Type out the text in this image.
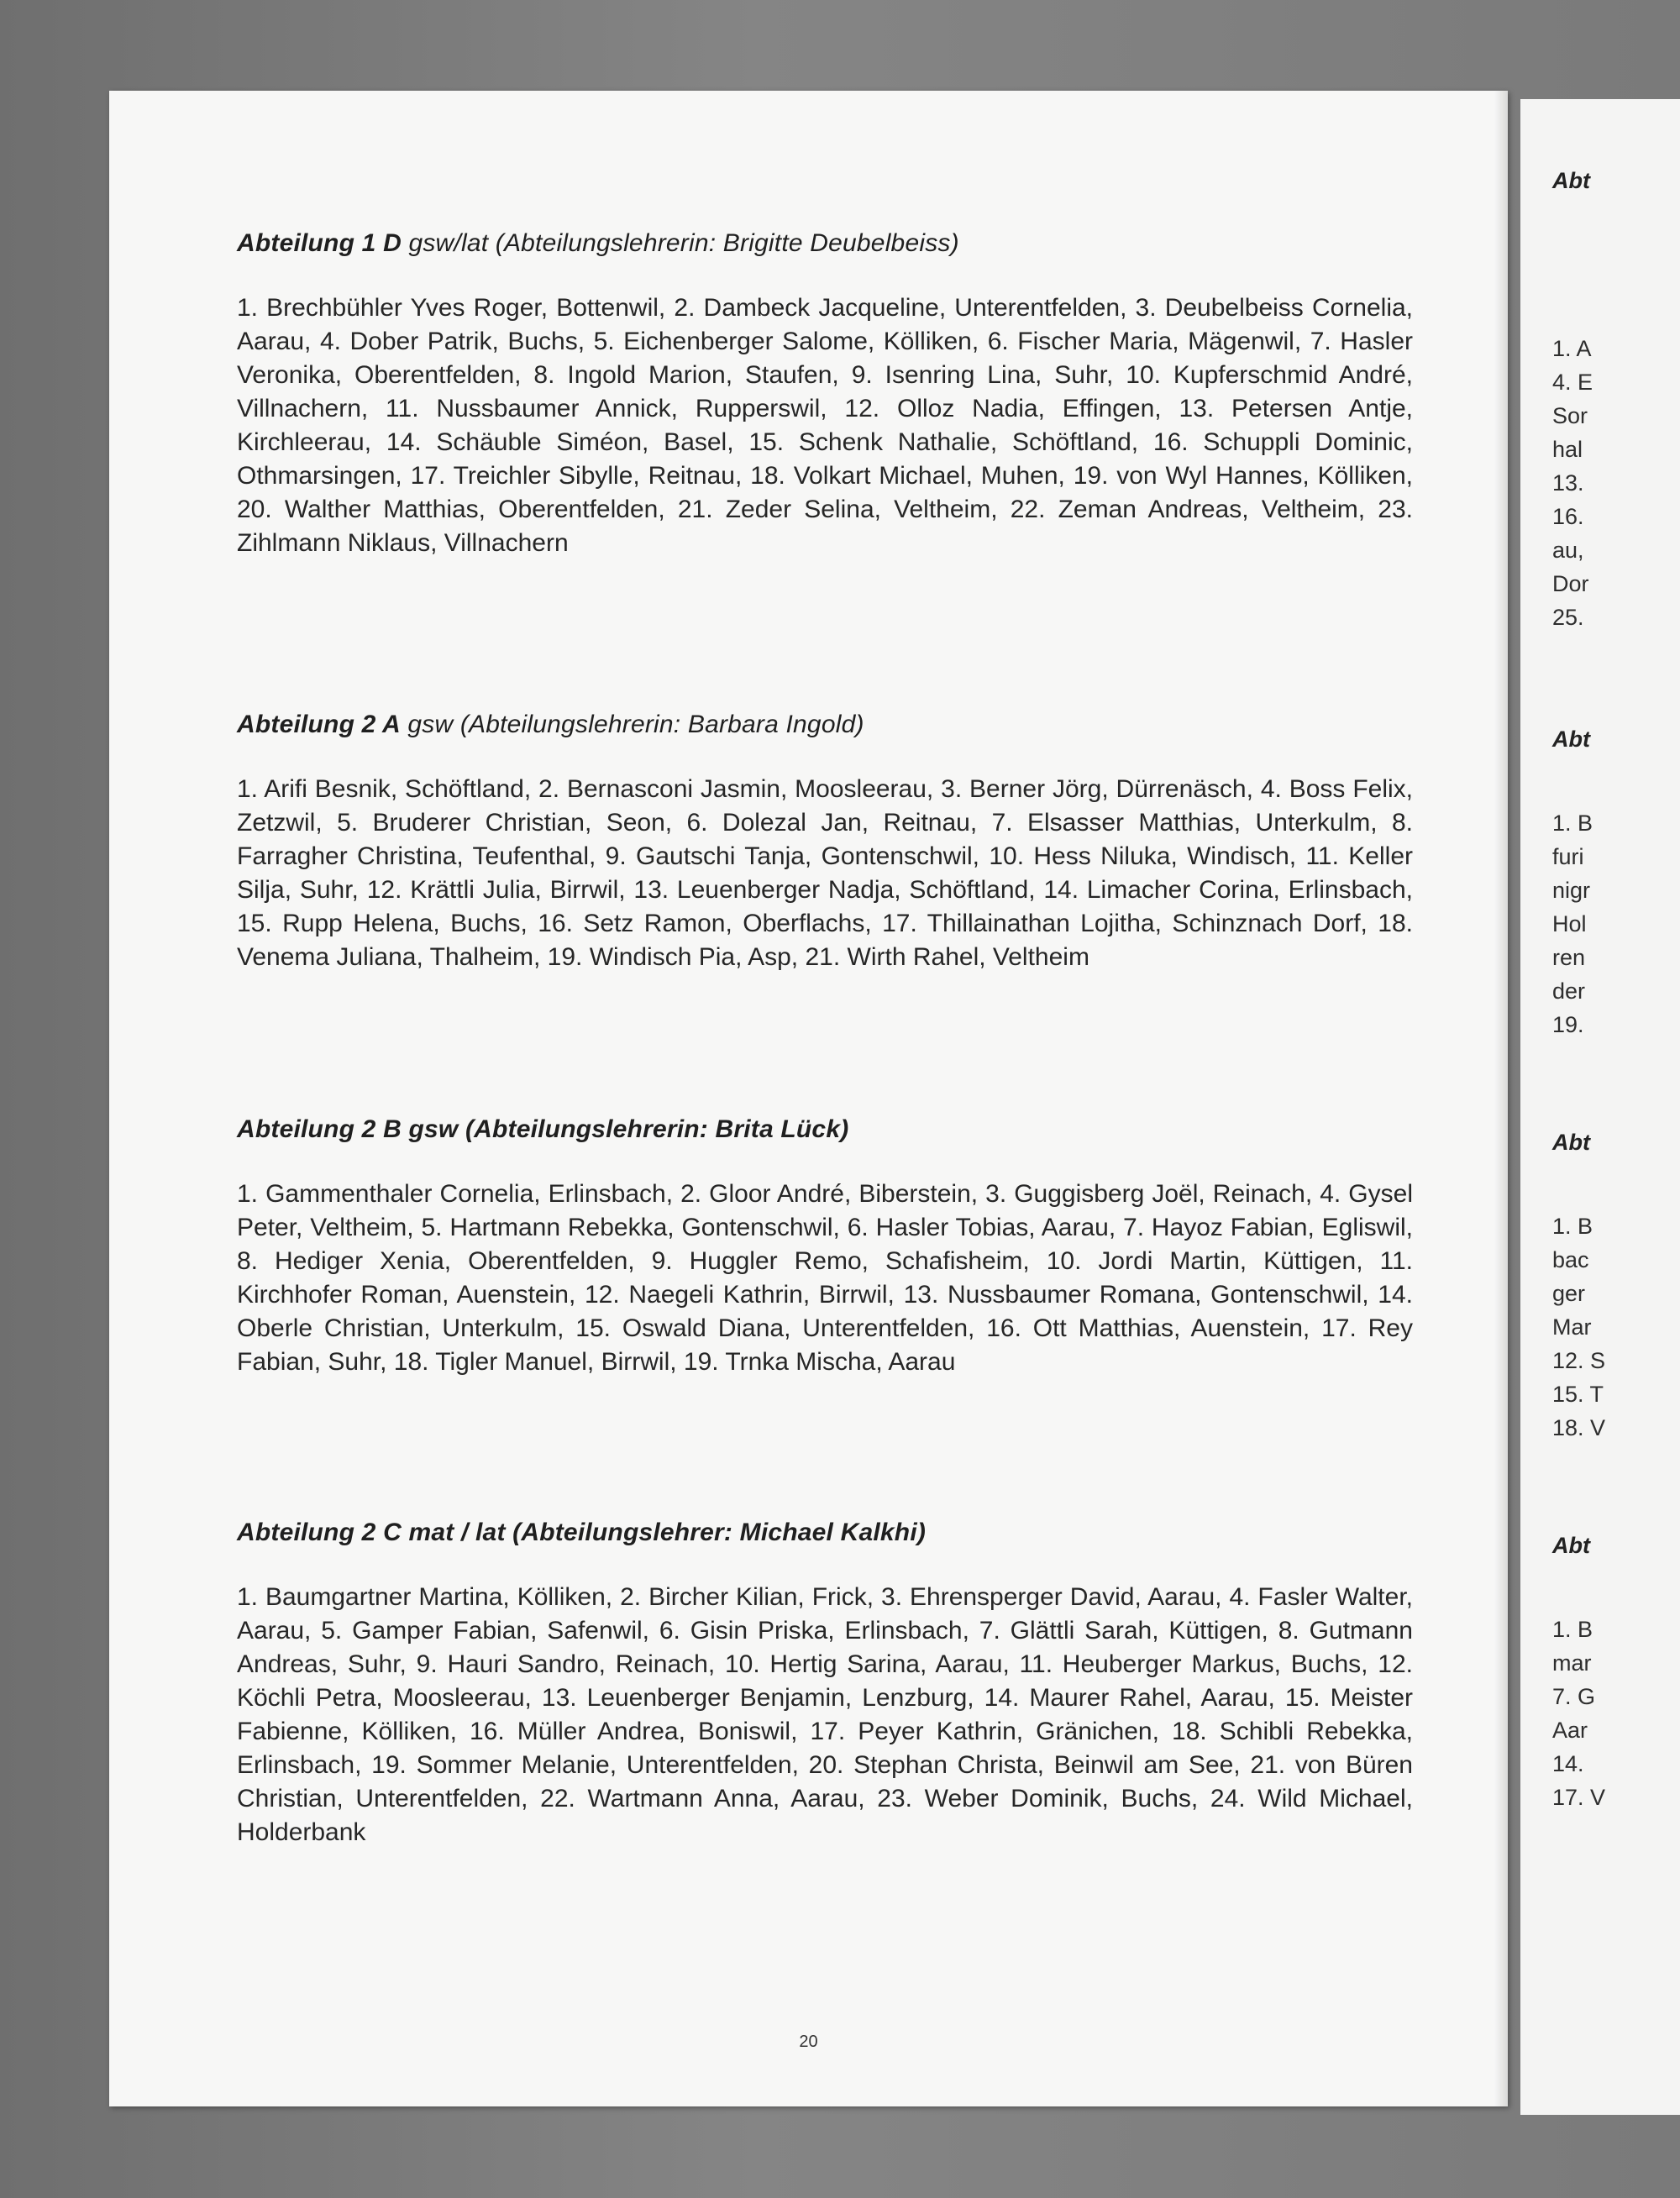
Abteilung 1 D gsw/lat (Abteilungslehrerin: Brigitte Deubelbeiss)

1. Brechbühler Yves Roger, Bottenwil, 2. Dambeck Jacqueline, Unterentfelden, 3. Deubelbeiss Cornelia, Aarau, 4. Dober Patrik, Buchs, 5. Eichenberger Salome, Kölliken, 6. Fischer Maria, Mägenwil, 7. Hasler Veronika, Oberentfelden, 8. Ingold Marion, Staufen, 9. Isenring Lina, Suhr, 10. Kupferschmid André, Villnachern, 11. Nussbaumer Annick, Rupperswil, 12. Olloz Nadia, Effingen, 13. Petersen Antje, Kirchleerau, 14. Schäuble Siméon, Basel, 15. Schenk Nathalie, Schöftland, 16. Schuppli Dominic, Othmarsingen, 17. Treichler Sibylle, Reitnau, 18. Volkart Michael, Muhen, 19. von Wyl Hannes, Kölliken, 20. Walther Matthias, Oberentfelden, 21. Zeder Selina, Veltheim, 22. Zeman Andreas, Veltheim, 23. Zihlmann Niklaus, Villnachern

Abteilung 2 A gsw (Abteilungslehrerin: Barbara Ingold)

1. Arifi Besnik, Schöftland, 2. Bernasconi Jasmin, Moosleerau, 3. Berner Jörg, Dürrenäsch, 4. Boss Felix, Zetzwil, 5. Bruderer Christian, Seon, 6. Dolezal Jan, Reitnau, 7. Elsasser Matthias, Unterkulm, 8. Farragher Christina, Teufenthal, 9. Gautschi Tanja, Gontenschwil, 10. Hess Niluka, Windisch, 11. Keller Silja, Suhr, 12. Krättli Julia, Birrwil, 13. Leuenberger Nadja, Schöftland, 14. Limacher Corina, Erlinsbach, 15. Rupp Helena, Buchs, 16. Setz Ramon, Oberflachs, 17. Thillainathan Lojitha, Schinznach Dorf, 18. Venema Juliana, Thalheim, 19. Windisch Pia, Asp, 21. Wirth Rahel, Veltheim

Abteilung 2 B gsw (Abteilungslehrerin: Brita Lück)

1. Gammenthaler Cornelia, Erlinsbach, 2. Gloor André, Biberstein, 3. Guggisberg Joël, Reinach, 4. Gysel Peter, Veltheim, 5. Hartmann Rebekka, Gontenschwil, 6. Hasler Tobias, Aarau, 7. Hayoz Fabian, Egliswil, 8. Hediger Xenia, Oberentfelden, 9. Huggler Remo, Schafisheim, 10. Jordi Martin, Küttigen, 11. Kirchhofer Roman, Auenstein, 12. Naegeli Kathrin, Birrwil, 13. Nussbaumer Romana, Gontenschwil, 14. Oberle Christian, Unterkulm, 15. Oswald Diana, Unterentfelden, 16. Ott Matthias, Auenstein, 17. Rey Fabian, Suhr, 18. Tigler Manuel, Birrwil, 19. Trnka Mischa, Aarau

Abteilung 2 C mat / lat (Abteilungslehrer: Michael Kalkhi)

1. Baumgartner Martina, Kölliken, 2. Bircher Kilian, Frick, 3. Ehrensperger David, Aarau, 4. Fasler Walter, Aarau, 5. Gamper Fabian, Safenwil, 6. Gisin Priska, Erlinsbach, 7. Glättli Sarah, Küttigen, 8. Gutmann Andreas, Suhr, 9. Hauri Sandro, Reinach, 10. Hertig Sarina, Aarau, 11. Heuberger Markus, Buchs, 12. Köchli Petra, Moosleerau, 13. Leuenberger Benjamin, Lenzburg, 14. Maurer Rahel, Aarau, 15. Meister Fabienne, Kölliken, 16. Müller Andrea, Boniswil, 17. Peyer Kathrin, Gränichen, 18. Schibli Rebekka, Erlinsbach, 19. Sommer Melanie, Unterentfelden, 20. Stephan Christa, Beinwil am See, 21. von Büren Christian, Unterentfelden, 22. Wartmann Anna, Aarau, 23. Weber Dominik, Buchs, 24. Wild Michael, Holderbank

20
Abt
1. A
4. E
Sor
hal
13.
16.
au,
Dor
25.
Abt
1. B
furi
nigr
Hol
ren
der
19.
Abt
1. B
bac
ger
Mar
12. S
15. T
18. V
Abt
1. B
mar
7. G
Aar
14.
17. V
